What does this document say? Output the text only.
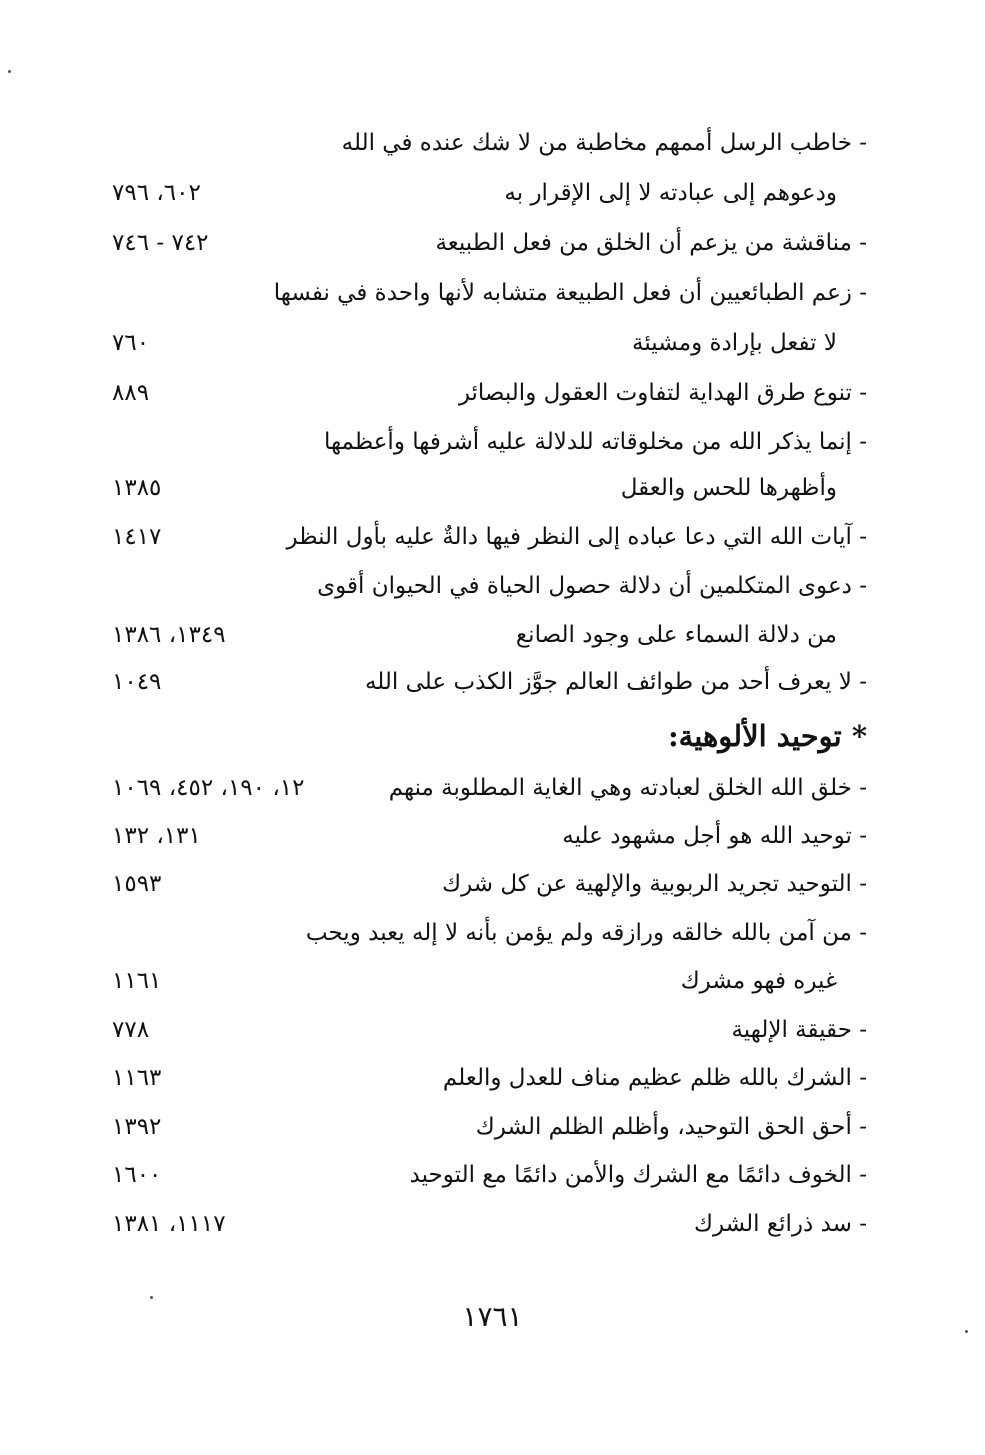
- خاطب الرسل أممهم مخاطبة من لا شك عنده في الله
ودعوهم إلى عبادته لا إلى الإقرار به
٦٠٢، ٧٩٦
- مناقشة من يزعم أن الخلق من فعل الطبيعة
٧٤٢ - ٧٤٦
- زعم الطبائعيين أن فعل الطبيعة متشابه لأنها واحدة في نفسها
لا تفعل بإرادة ومشيئة
٧٦٠
- تنوع طرق الهداية لتفاوت العقول والبصائر
٨٨٩
- إنما يذكر الله من مخلوقاته للدلالة عليه أشرفها وأعظمها
وأظهرها للحس والعقل
١٣٨٥
- آيات الله التي دعا عباده إلى النظر فيها دالةٌ عليه بأول النظر
١٤١٧
- دعوى المتكلمين أن دلالة حصول الحياة في الحيوان أقوى
من دلالة السماء على وجود الصانع
١٣٤٩، ١٣٨٦
- لا يعرف أحد من طوائف العالم جوَّز الكذب على الله
١٠٤٩
* توحيد الألوهية:
- خلق الله الخلق لعبادته وهي الغاية المطلوبة منهم
١٢، ١٩٠، ٤٥٢، ١٠٦٩
- توحيد الله هو أجل مشهود عليه
١٣١، ١٣٢
- التوحيد تجريد الربوبية والإلهية عن كل شرك
١٥٩٣
- من آمن بالله خالقه ورازقه ولم يؤمن بأنه لا إله يعبد ويحب
غيره فهو مشرك
١١٦١
- حقيقة الإلهية
٧٧٨
- الشرك بالله ظلم عظيم مناف للعدل والعلم
١١٦٣
- أحق الحق التوحيد، وأظلم الظلم الشرك
١٣٩٢
- الخوف دائمًا مع الشرك والأمن دائمًا مع التوحيد
١٦٠٠
- سد ذرائع الشرك
١١١٧، ١٣٨١
١٧٦١
